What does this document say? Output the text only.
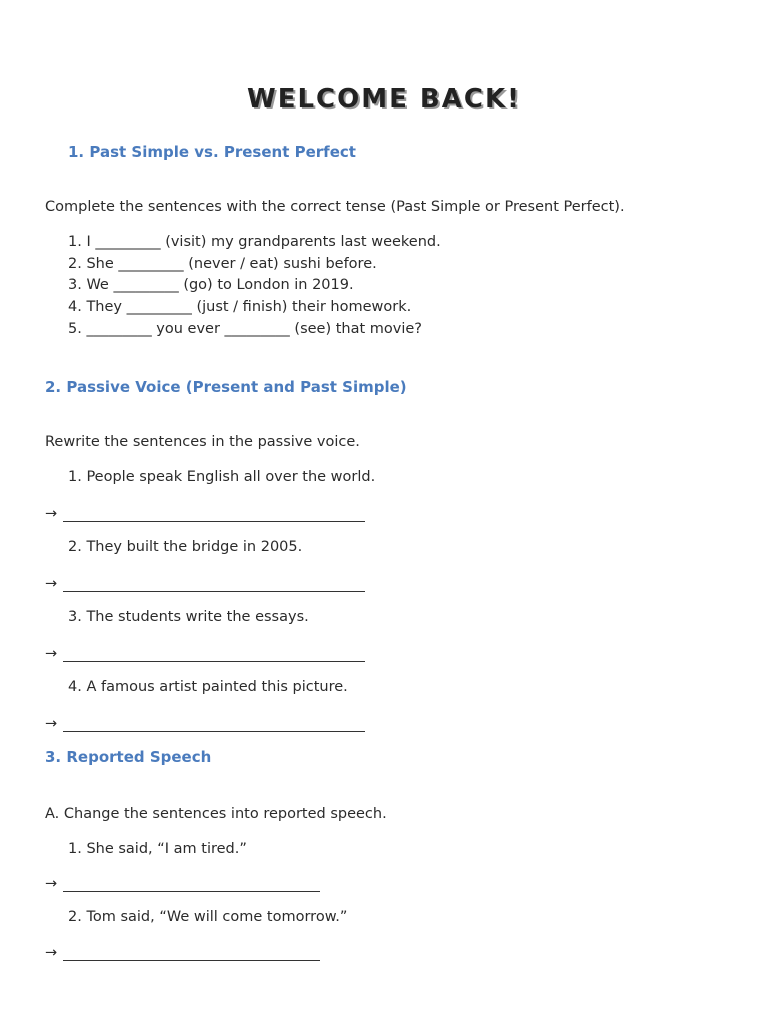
WELCOME BACK!
1. Past Simple vs. Present Perfect
Complete the sentences with the correct tense (Past Simple or Present Perfect).
1. I _________ (visit) my grandparents last weekend.
2. She _________ (never / eat) sushi before.
3. We _________ (go) to London in 2019.
4. They _________ (just / finish) their homework.
5. _________ you ever _________ (see) that movie?
2. Passive Voice (Present and Past Simple)
Rewrite the sentences in the passive voice.
1. People speak English all over the world.
→
2. They built the bridge in 2005.
→
3. The students write the essays.
→
4. A famous artist painted this picture.
→
3. Reported Speech
A. Change the sentences into reported speech.
1. She said, “I am tired.”
→
2. Tom said, “We will come tomorrow.”
→
